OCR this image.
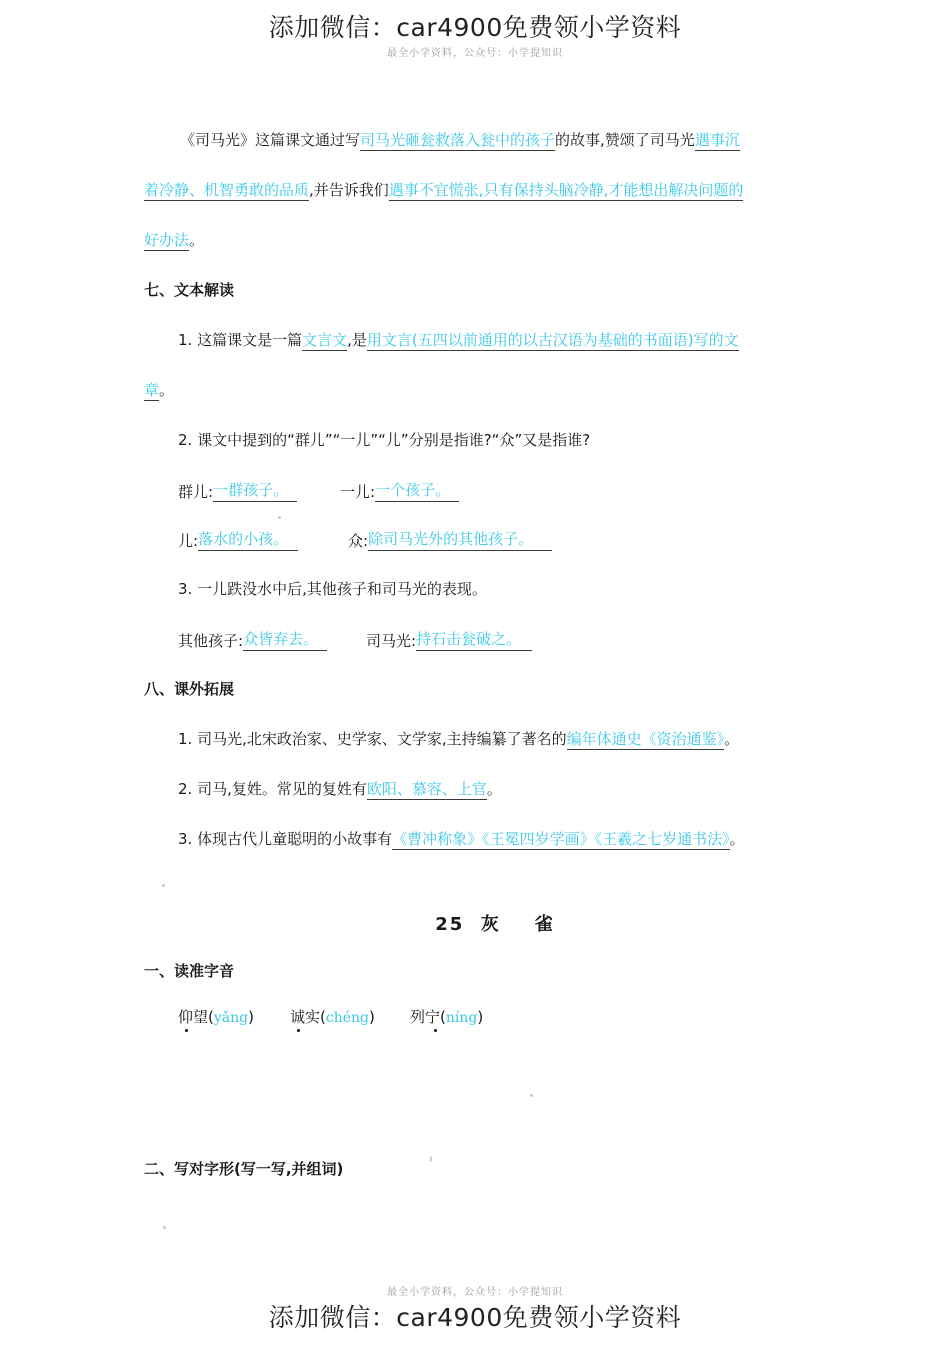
添加微信：car4900免费领小学资料
最全小学资料，公众号：小学提知识
《司马光》这篇课文通过写司马光砸瓮救落入瓮中的孩子的故事,赞颂了司马光遇事沉
着冷静、机智勇敢的品质,并告诉我们遇事不宜慌张,只有保持头脑冷静,才能想出解决问题的
好办法。
七、文本解读
1. 这篇课文是一篇文言文,是用文言(五四以前通用的以古汉语为基础的书面语)写的文
章。
2. 课文中提到的“群儿”“一儿”“儿”分别是指谁?“众”又是指谁?
群儿:一群孩子。	一儿:一个孩子。
儿:落水的小孩。	众:除司马光外的其他孩子。
3. 一儿跌没水中后,其他孩子和司马光的表现。
其他孩子:众皆弃去。	司马光:持石击瓮破之。
八、课外拓展
1. 司马光,北宋政治家、史学家、文学家,主持编纂了著名的编年体通史《资治通鉴》。
2. 司马,复姓。常见的复姓有欧阳、慕容、上官。
3. 体现古代儿童聪明的小故事有《曹冲称象》《王冕四岁学画》《王羲之七岁通书法》。
25 灰 雀
一、读准字音
仰望(yǎng) 诚实(chéng) 列宁(níng)
二、写对字形(写一写,并组词)
最全小学资料，公众号：小学提知识
添加微信：car4900免费领小学资料
